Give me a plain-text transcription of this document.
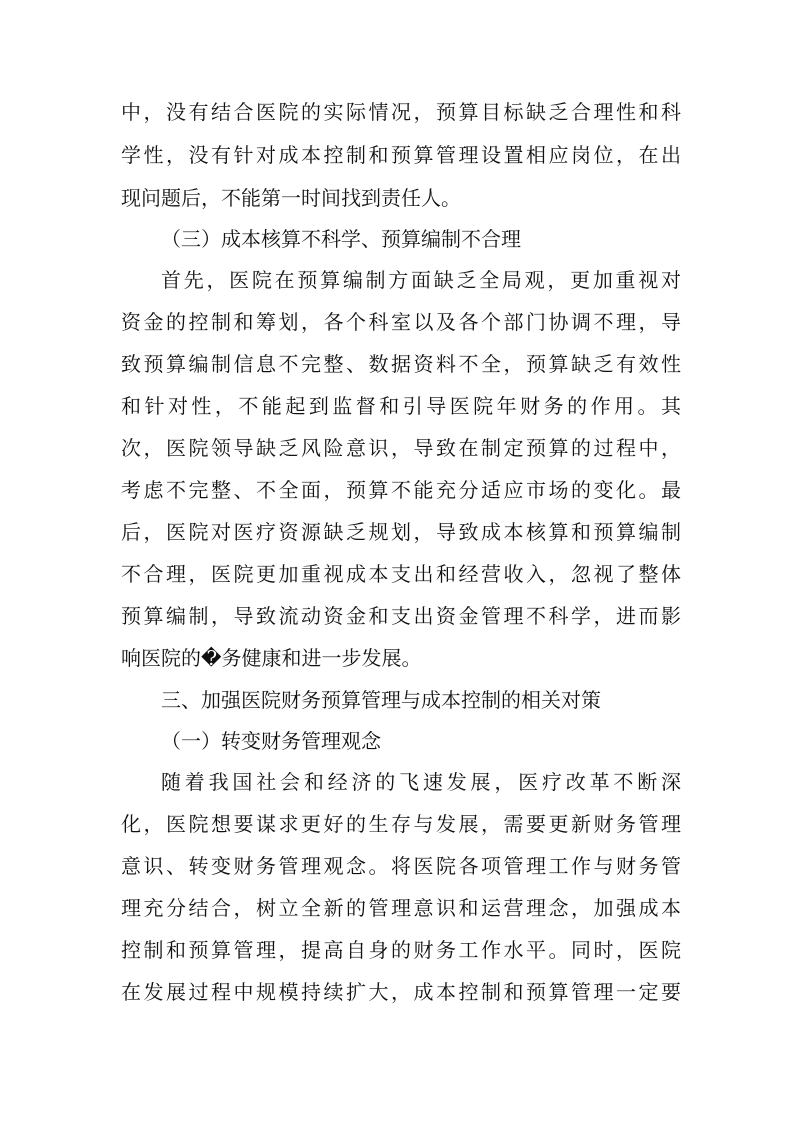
中，没有结合医院的实际情况，预算目标缺乏合理性和科
学性，没有针对成本控制和预算管理设置相应岗位，在出
现问题后，不能第一时间找到责任人。
（三）成本核算不科学、预算编制不合理
首先，医院在预算编制方面缺乏全局观，更加重视对
资金的控制和筹划，各个科室以及各个部门协调不理，导
致预算编制信息不完整、数据资料不全，预算缺乏有效性
和针对性，不能起到监督和引导医院年财务的作用。其
次，医院领导缺乏风险意识，导致在制定预算的过程中，
考虑不完整、不全面，预算不能充分适应市场的变化。最
后，医院对医疗资源缺乏规划，导致成本核算和预算编制
不合理，医院更加重视成本支出和经营收入，忽视了整体
预算编制，导致流动资金和支出资金管理不科学，进而影
响医院的�务健康和进一步发展。
三、加强医院财务预算管理与成本控制的相关对策
（一）转变财务管理观念
随着我国社会和经济的飞速发展，医疗改革不断深
化，医院想要谋求更好的生存与发展，需要更新财务管理
意识、转变财务管理观念。将医院各项管理工作与财务管
理充分结合，树立全新的管理意识和运营理念，加强成本
控制和预算管理，提高自身的财务工作水平。同时，医院
在发展过程中规模持续扩大，成本控制和预算管理一定要
